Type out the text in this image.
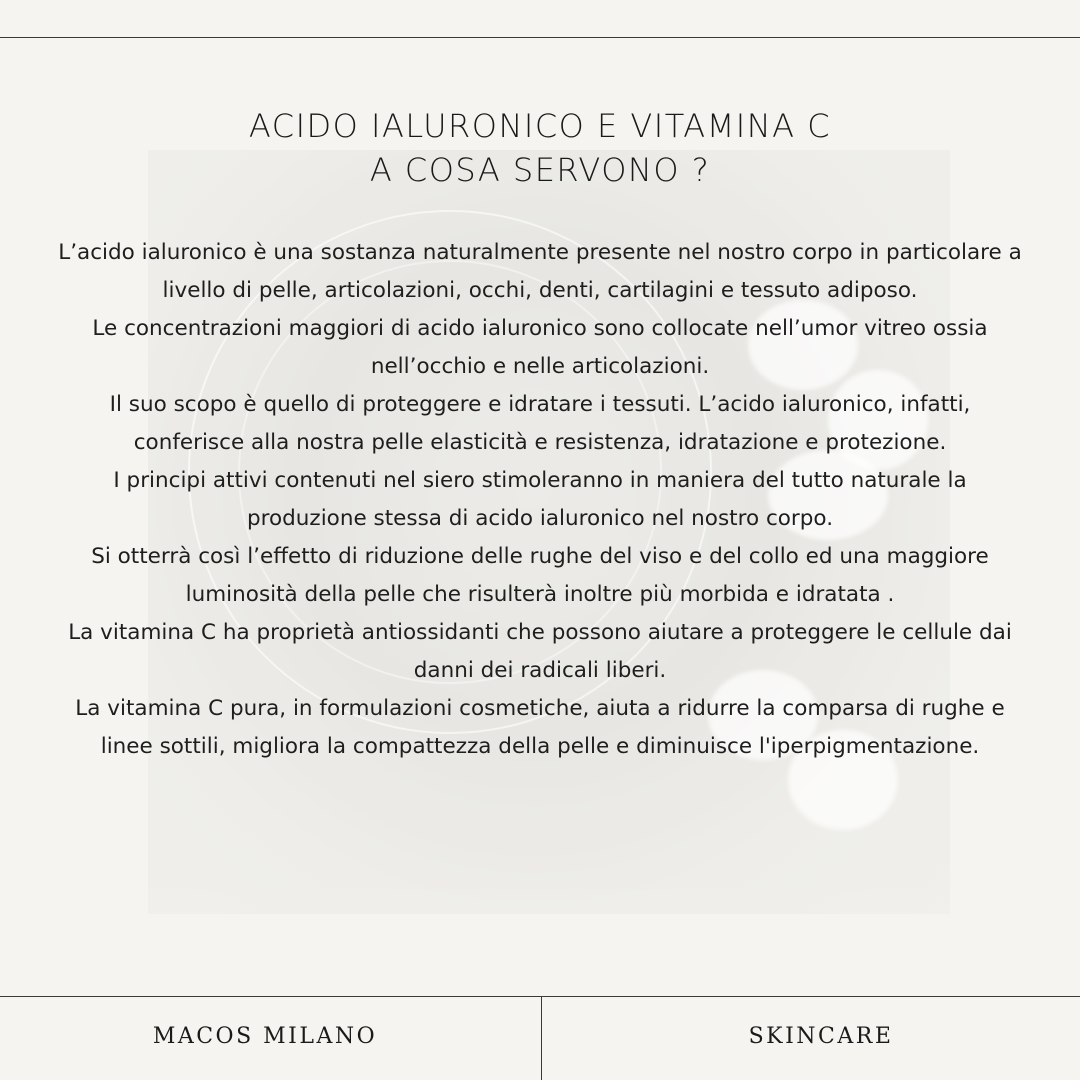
ACIDO IALURONICO E VITAMINA C
A COSA SERVONO ?

L’acido ialuronico è una sostanza naturalmente presente nel nostro corpo in particolare a livello di pelle, articolazioni, occhi, denti, cartilagini e tessuto adiposo.

Le concentrazioni maggiori di acido ialuronico sono collocate nell’umor vitreo ossia nell’occhio e nelle articolazioni.

Il suo scopo è quello di proteggere e idratare i tessuti. L’acido ialuronico, infatti, conferisce alla nostra pelle elasticità e resistenza, idratazione e protezione.

I principi attivi contenuti nel siero stimoleranno in maniera del tutto naturale la produzione stessa di acido ialuronico nel nostro corpo.

Si otterrà così l’effetto di riduzione delle rughe del viso e del collo ed una maggiore luminosità della pelle che risulterà inoltre più morbida e idratata .

La vitamina C ha proprietà antiossidanti che possono aiutare a proteggere le cellule dai danni dei radicali liberi.

La vitamina C pura, in formulazioni cosmetiche, aiuta a ridurre la comparsa di rughe e linee sottili, migliora la compattezza della pelle e diminuisce l'iperpigmentazione.

MACOS MILANO	SKINCARE
